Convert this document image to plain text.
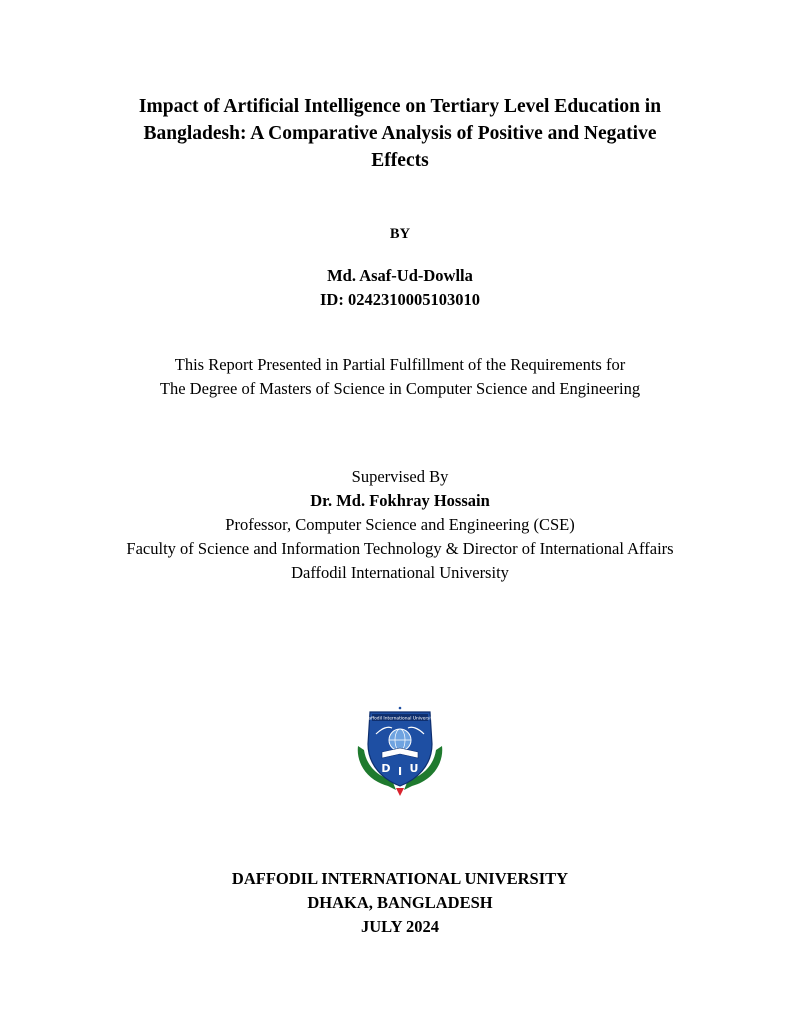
Impact of Artificial Intelligence on Tertiary Level Education in
Bangladesh: A Comparative Analysis of Positive and Negative
Effects
BY
Md. Asaf-Ud-Dowlla
ID: 0242310005103010
This Report Presented in Partial Fulfillment of the Requirements for
The Degree of Masters of Science in Computer Science and Engineering
Supervised By
Dr. Md. Fokhray Hossain
Professor, Computer Science and Engineering (CSE)
Faculty of Science and Information Technology & Director of International Affairs
Daffodil International University
Daffodil International University
D I U
DAFFODIL INTERNATIONAL UNIVERSITY
DHAKA, BANGLADESH
JULY 2024
